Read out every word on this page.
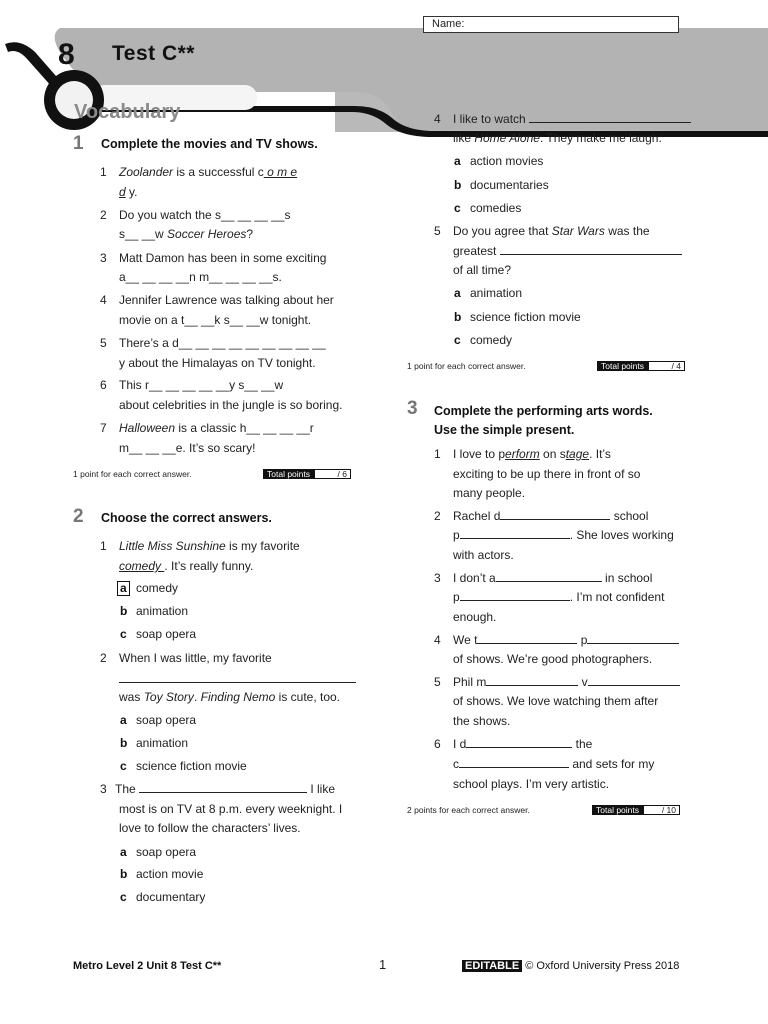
Name:
8 Test C**
Vocabulary
1 Complete the movies and TV shows.
1 Zoolander is a successful c o m e
d y.
2 Do you watch the s__ __ __ __s
s__ __w Soccer Heroes?
3 Matt Damon has been in some exciting
a__ __ __ __n m__ __ __ __s.
4 Jennifer Lawrence was talking about her
movie on a t__ __k s__ __w tonight.
5 There’s a d__ __ __ __ __ __ __ __ __
y about the Himalayas on TV tonight.
6 This r__ __ __ __ __y s__ __w
about celebrities in the jungle is so boring.
7 Halloween is a classic h__ __ __ __r
m__ __ __e. It’s so scary!
1 point for each correct answer.	Total points	/ 6
2 Choose the correct answers.
1 Little Miss Sunshine is my favorite
comedy . It’s really funny.
a comedy
b animation
c soap opera
2 When I was little, my favorite
was Toy Story. Finding Nemo is cute, too.
a soap opera
b animation
c science fiction movie
3 The	I like
most is on TV at 8 p.m. every weeknight. I
love to follow the characters’ lives.
a soap opera
b action movie
c documentary
4 I like to watch
like Home Alone. They make me laugh.
a action movies
b documentaries
c comedies
5 Do you agree that Star Wars was the
greatest
of all time?
a animation
b science fiction movie
c comedy
1 point for each correct answer.	Total points	/ 4
3 Complete the performing arts words.
Use the simple present.
1 I love to perform on stage. It’s
exciting to be up there in front of so
many people.
2 Rachel d	school
p	. She loves working
with actors.
3 I don’t a	in school
p	. I’m not confident
enough.
4 We t	p
of shows. We’re good photographers.
5 Phil m	v
of shows. We love watching them after
the shows.
6 I d	the
c	and sets for my
school plays. I’m very artistic.
2 points for each correct answer.	Total points	/ 10
Metro Level 2 Unit 8 Test C**	1	EDITABLE © Oxford University Press 2018
